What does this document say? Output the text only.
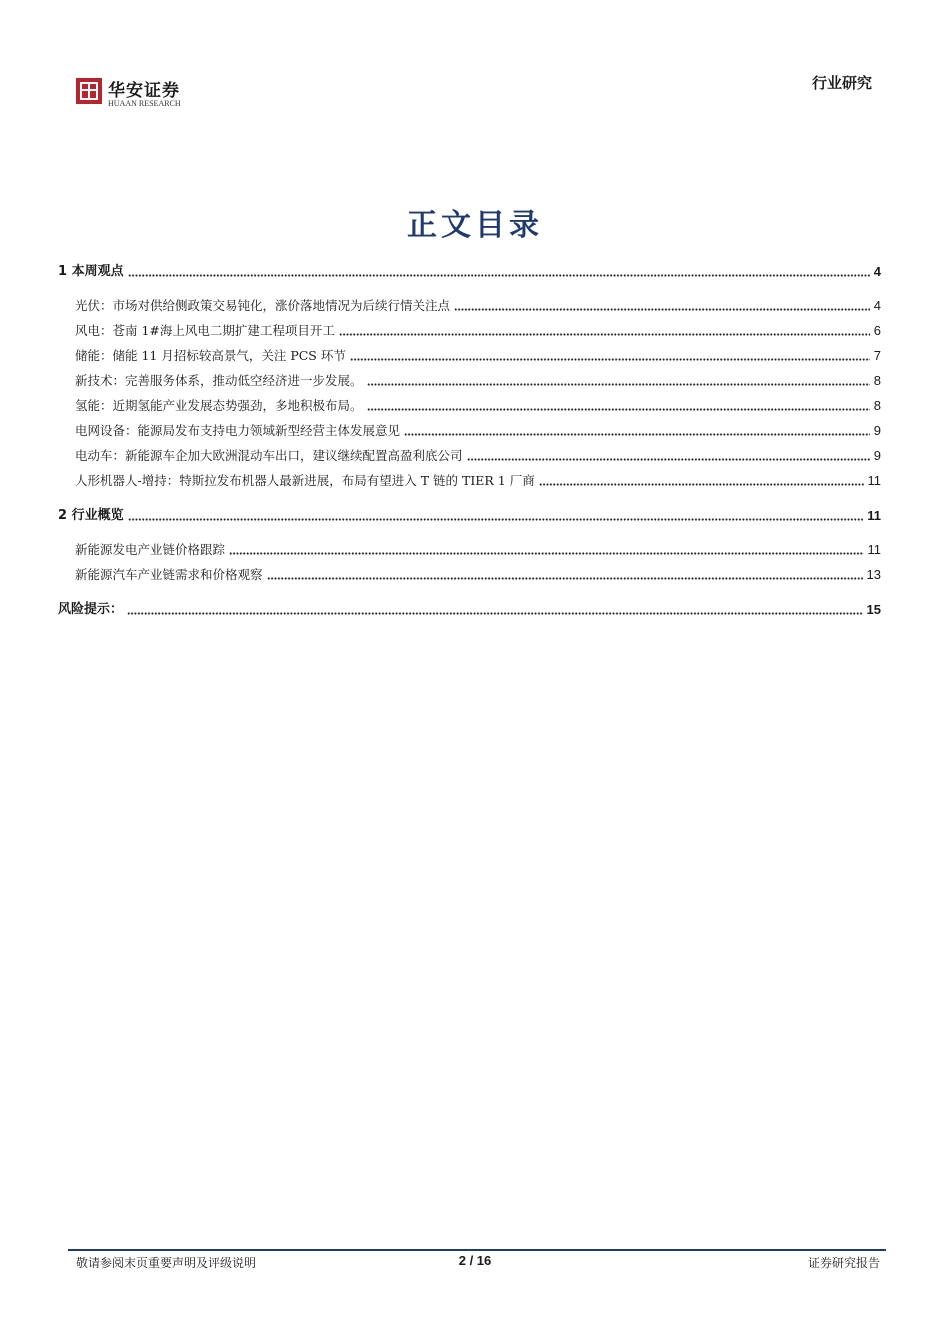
华安证券
HUAAN RESEARCH
行业研究
正文目录
1 本周观点	4
光伏：市场对供给侧政策交易钝化，涨价落地情况为后续行情关注点	4
风电：苍南 1#海上风电二期扩建工程项目开工	6
储能：储能 11 月招标较高景气，关注 PCS 环节	7
新技术：完善服务体系，推动低空经济进一步发展。	8
氢能：近期氢能产业发展态势强劲，多地积极布局。	8
电网设备：能源局发布支持电力领域新型经营主体发展意见	9
电动车：新能源车企加大欧洲混动车出口，建议继续配置高盈利底公司	9
人形机器人-增持：特斯拉发布机器人最新进展，布局有望进入 T 链的 TIER 1 厂商	11
2 行业概览	11
新能源发电产业链价格跟踪	11
新能源汽车产业链需求和价格观察	13
风险提示：	15
敬请参阅末页重要声明及评级说明	2 / 16	证券研究报告
